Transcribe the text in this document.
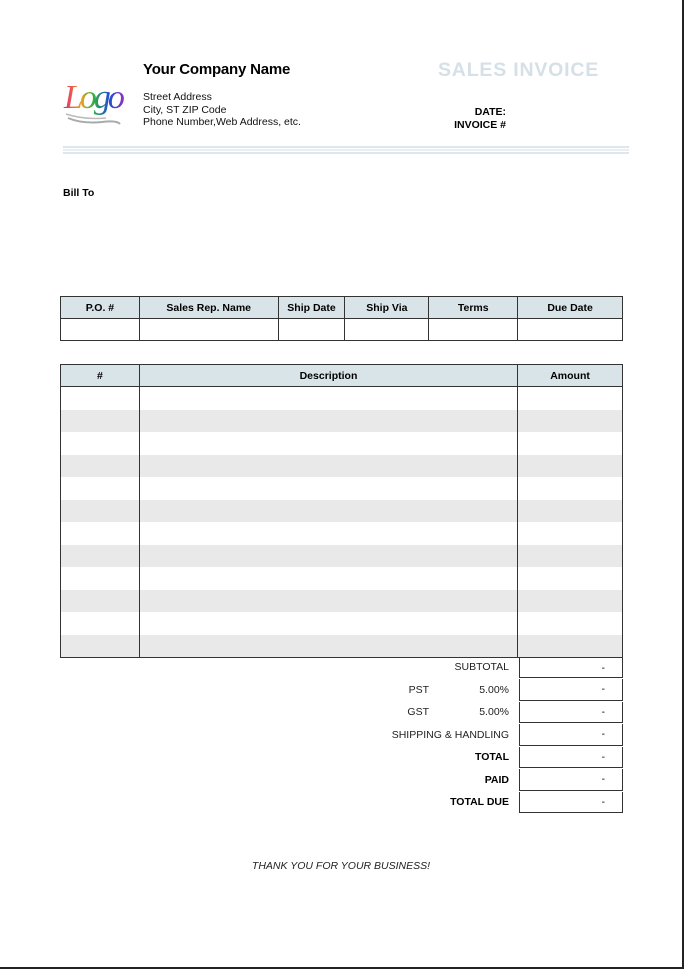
Logo
Your Company Name
Street Address
City, ST ZIP Code
Phone Number,Web Address, etc.
SALES INVOICE
DATE:
INVOICE #
Bill To
P.O. #	Sales Rep. Name	Ship Date	Ship Via	Terms	Due Date

#	Description	Amount

SUBTOTAL	-
PST	5.00%	-
GST	5.00%	-
SHIPPING & HANDLING	-
TOTAL	-
PAID	-
TOTAL DUE	-
THANK YOU FOR YOUR BUSINESS!
